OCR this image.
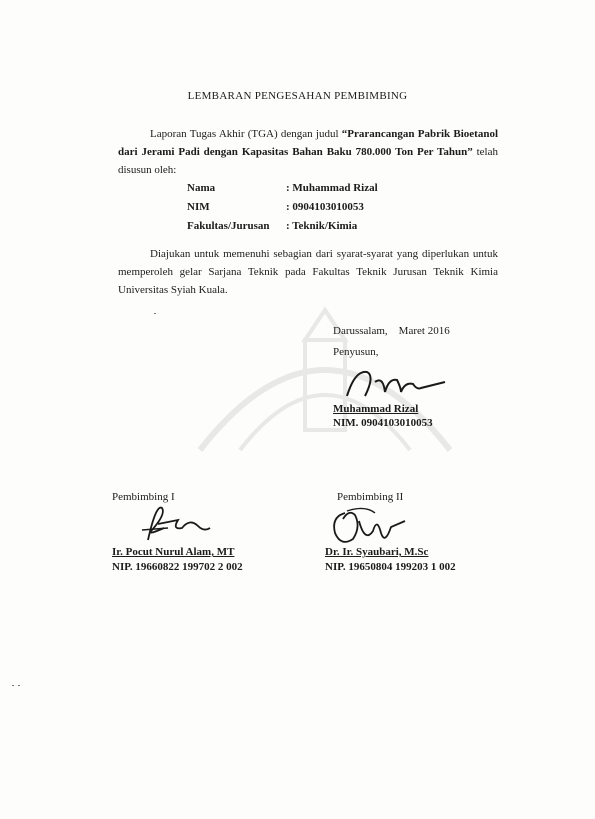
LEMBARAN PENGESAHAN PEMBIMBING
Laporan Tugas Akhir (TGA) dengan judul “Prarancangan Pabrik Bioetanol dari Jerami Padi dengan Kapasitas Bahan Baku 780.000 Ton Per Tahun” telah disusun oleh:
Nama	: Muhammad Rizal
NIM	: 0904103010053
Fakultas/Jurusan : Teknik/Kimia
Diajukan untuk memenuhi sebagian dari syarat-syarat yang diperlukan untuk memperoleh gelar Sarjana Teknik pada Fakultas Teknik Jurusan Teknik Kimia Universitas Syiah Kuala.
Darussalam,    Maret 2016
Penyusun,
Muhammad Rizal
NIM. 0904103010053
Pembimbing I
Ir. Pocut Nurul Alam, MT
NIP. 19660822 199702 2 002
Pembimbing II
Dr. Ir. Syaubari, M.Sc
NIP. 19650804 199203 1 002
